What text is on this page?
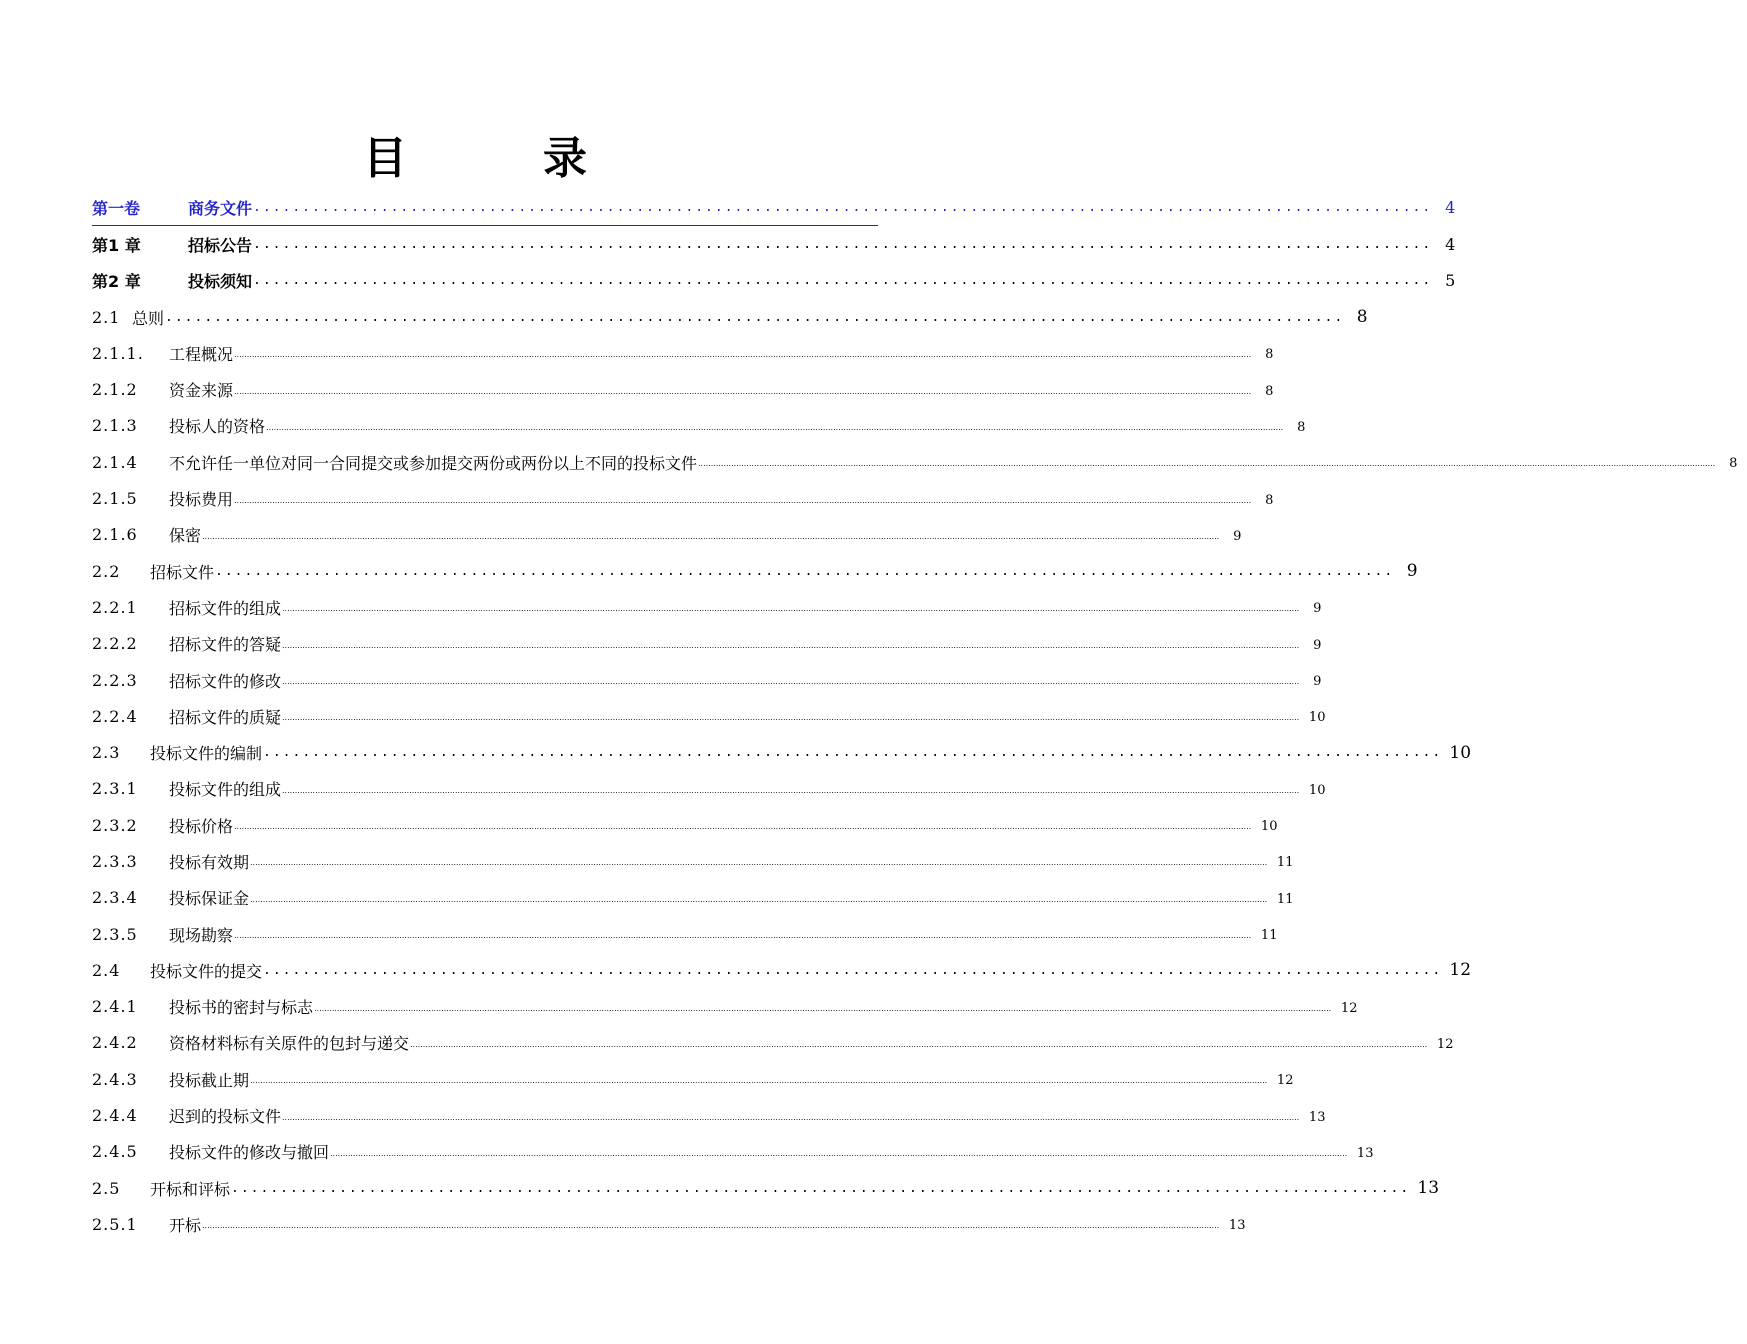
目	录
第一卷	商务文件 ........................................................................................................................ 4
第1 章	招标公告 ........................................................................................................................ 4
第2 章	投标须知 ........................................................................................................................ 5
2.1 总则 ........................................................................................................................ 8
2.1.1.	工程概况 ................................................................................................................................................................................................................................................................................................................................................................................................................	8
2.1.2	资金来源 ................................................................................................................................................................................................................................................................................................................................................................................................................	8
2.1.3	投标人的资格 ................................................................................................................................................................................................................................................................................................................................................................................................................	8
2.1.4	不允许任一单位对同一合同提交或参加提交两份或两份以上不同的投标文件 ................................................................................................................................................................................................................................................................................................................................................................................................................	8
2.1.5	投标费用 ................................................................................................................................................................................................................................................................................................................................................................................................................	8
2.1.6	保密 ................................................................................................................................................................................................................................................................................................................................................................................................................	9
2.2	招标文件 ........................................................................................................................ 9
2.2.1	招标文件的组成 ................................................................................................................................................................................................................................................................................................................................................................................................................	9
2.2.2	招标文件的答疑 ................................................................................................................................................................................................................................................................................................................................................................................................................	9
2.2.3	招标文件的修改 ................................................................................................................................................................................................................................................................................................................................................................................................................	9
2.2.4	招标文件的质疑 ................................................................................................................................................................................................................................................................................................................................................................................................................ 10
2.3	投标文件的编制 ........................................................................................................................ 10
2.3.1	投标文件的组成 ................................................................................................................................................................................................................................................................................................................................................................................................................ 10
2.3.2	投标价格 ................................................................................................................................................................................................................................................................................................................................................................................................................ 10
2.3.3	投标有效期 ................................................................................................................................................................................................................................................................................................................................................................................................................ 11
2.3.4	投标保证金 ................................................................................................................................................................................................................................................................................................................................................................................................................ 11
2.3.5	现场勘察 ................................................................................................................................................................................................................................................................................................................................................................................................................ 11
2.4	投标文件的提交 ........................................................................................................................ 12
2.4.1	投标书的密封与标志 ................................................................................................................................................................................................................................................................................................................................................................................................................ 12
2.4.2	资格材料标有关原件的包封与递交 ................................................................................................................................................................................................................................................................................................................................................................................................................ 12
2.4.3	投标截止期 ................................................................................................................................................................................................................................................................................................................................................................................................................ 12
2.4.4	迟到的投标文件 ................................................................................................................................................................................................................................................................................................................................................................................................................ 13
2.4.5	投标文件的修改与撤回 ................................................................................................................................................................................................................................................................................................................................................................................................................ 13
2.5	开标和评标 ........................................................................................................................ 13
2.5.1	开标 ................................................................................................................................................................................................................................................................................................................................................................................................................ 13
